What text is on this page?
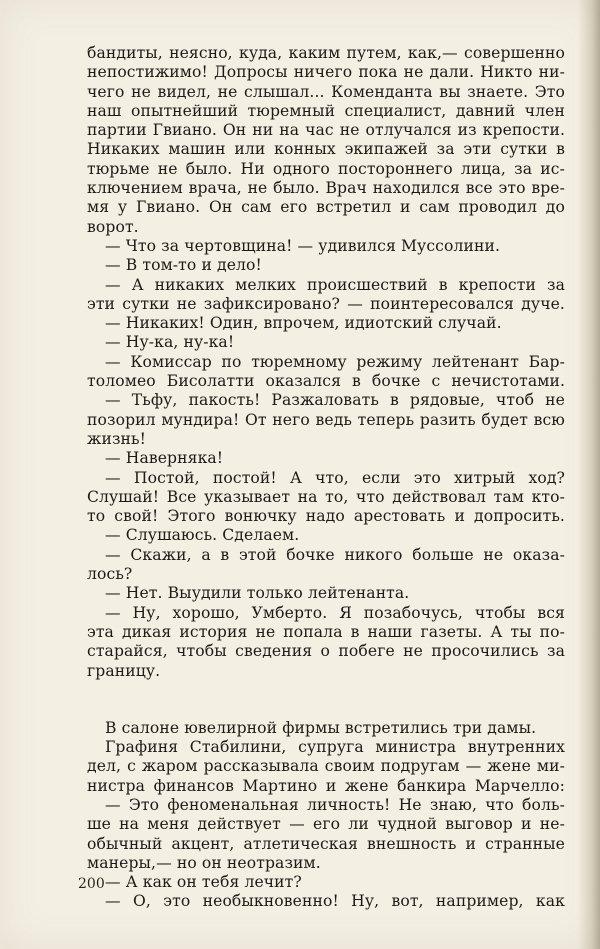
бандиты, неясно, куда, каким путем, как,— совершенно
непостижимо! Допросы ничего пока не дали. Никто ни-
чего не видел, не слышал... Коменданта вы знаете. Это
наш опытнейший тюремный специалист, давний член
партии Гвиано. Он ни на час не отлучался из крепости.
Никаких машин или конных экипажей за эти сутки в
тюрьме не было. Ни одного постороннего лица, за ис-
ключением врача, не было. Врач находился все это вре-
мя у Гвиано. Он сам его встретил и сам проводил до
ворот.
— Что за чертовщина! — удивился Муссолини.
— В том-то и дело!
— А никаких мелких происшествий в крепости за
эти сутки не зафиксировано? — поинтересовался дуче.
— Никаких! Один, впрочем, идиотский случай.
— Ну-ка, ну-ка!
— Комиссар по тюремному режиму лейтенант Бар-
толомео Бисолатти оказался в бочке с нечистотами.
— Тьфу, пакость! Разжаловать в рядовые, чтоб не
позорил мундира! От него ведь теперь разить будет всю
жизнь!
— Наверняка!
— Постой, постой! А что, если это хитрый ход?
Слушай! Все указывает на то, что действовал там кто-
то свой! Этого вонючку надо арестовать и допросить.
— Слушаюсь. Сделаем.
— Скажи, а в этой бочке никого больше не оказа-
лось?
— Нет. Выудили только лейтенанта.
— Ну, хорошо, Умберто. Я позабочусь, чтобы вся
эта дикая история не попала в наши газеты. А ты по-
старайся, чтобы сведения о побеге не просочились за
границу.
В салоне ювелирной фирмы встретились три дамы.
Графиня Стабилини, супруга министра внутренних
дел, с жаром рассказывала своим подругам — жене ми-
нистра финансов Мартино и жене банкира Марчелло:
— Это феноменальная личность! Не знаю, что боль-
ше на меня действует — его ли чудной выговор и не-
обычный акцент, атлетическая внешность и странные
манеры,— но он неотразим.
— А как он тебя лечит?
— О, это необыкновенно! Ну, вот, например, как
200
